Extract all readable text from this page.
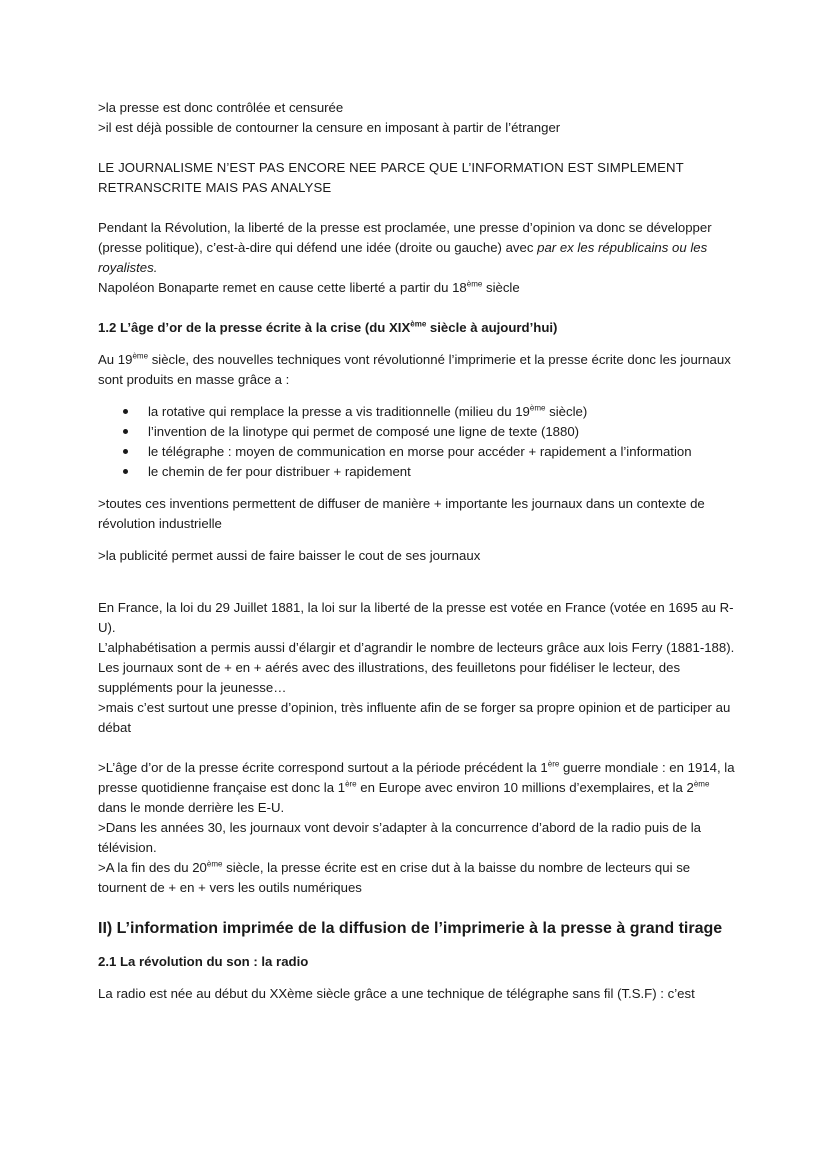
>la presse est donc contrôlée et censurée

>il est déjà possible de contourner la censure en imposant à partir de l’étranger

LE JOURNALISME N’EST PAS ENCORE NEE PARCE QUE L’INFORMATION EST SIMPLEMENT RETRANSCRITE MAIS PAS ANALYSE

Pendant la Révolution, la liberté de la presse est proclamée, une presse d’opinion va donc se développer (presse politique), c’est-à-dire qui défend une idée (droite ou gauche) avec par ex les républicains ou les royalistes.

Napoléon Bonaparte remet en cause cette liberté a partir du 18ème siècle

1.2 L’âge d’or de la presse écrite à la crise (du XIXème siècle à aujourd’hui)

Au 19ème siècle, des nouvelles techniques vont révolutionné l’imprimerie et la presse écrite donc les journaux sont produits en masse grâce a :

la rotative qui remplace la presse a vis traditionnelle (milieu du 19ème siècle)
l’invention de la linotype qui permet de composé une ligne de texte (1880)
le télégraphe : moyen de communication en morse pour accéder + rapidement a l’information
le chemin de fer pour distribuer + rapidement

>toutes ces inventions permettent de diffuser de manière + importante les journaux dans un contexte de révolution industrielle

>la publicité permet aussi de faire baisser le cout de ses journaux

En France, la loi du 29 Juillet 1881, la loi sur la liberté de la presse est votée en France (votée en 1695 au R-U).

L’alphabétisation a permis aussi d’élargir et d’agrandir le nombre de lecteurs grâce aux lois Ferry (1881-188).

Les journaux sont de + en + aérés avec des illustrations, des feuilletons pour fidéliser le lecteur, des suppléments pour la jeunesse…

>mais c’est surtout une presse d’opinion, très influente afin de se forger sa propre opinion et de participer au débat

>L’âge d’or de la presse écrite correspond surtout a la période précédent la 1ère guerre mondiale : en 1914, la presse quotidienne française est donc la 1ère en Europe avec environ 10 millions d’exemplaires, et la 2ème dans le monde derrière les E-U.

>Dans les années 30, les journaux vont devoir s’adapter à la concurrence d’abord de la radio puis de la télévision.

>A la fin des du 20ème siècle, la presse écrite est en crise dut à la baisse du nombre de lecteurs qui se tournent de + en + vers les outils numériques

II) L’information imprimée de la diffusion de l’imprimerie à la presse à grand tirage

2.1 La révolution du son : la radio

La radio est née au début du XXème siècle grâce a une technique de télégraphe sans fil (T.S.F) : c’est
